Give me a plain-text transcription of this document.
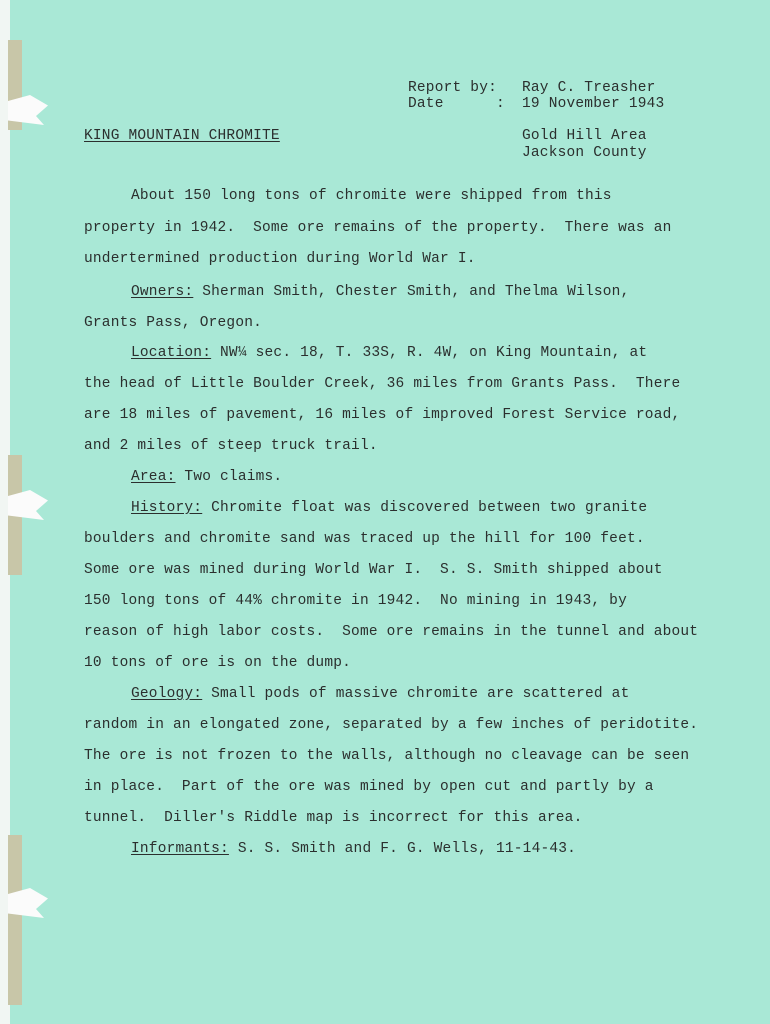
Report by: Ray C. Treasher
Date	: 19 November 1943
KING MOUNTAIN CHROMITE	Gold Hill Area
Jackson County
About 150 long tons of chromite were shipped from this
property in 1942.  Some ore remains of the property.  There was an
undertermined production during World War I.
Owners: Sherman Smith, Chester Smith, and Thelma Wilson,
Grants Pass, Oregon.
Location: NW¼ sec. 18, T. 33S, R. 4W, on King Mountain, at
the head of Little Boulder Creek, 36 miles from Grants Pass.  There
are 18 miles of pavement, 16 miles of improved Forest Service road,
and 2 miles of steep truck trail.
Area: Two claims.
History: Chromite float was discovered between two granite
boulders and chromite sand was traced up the hill for 100 feet.
Some ore was mined during World War I.  S. S. Smith shipped about
150 long tons of 44% chromite in 1942.  No mining in 1943, by
reason of high labor costs.  Some ore remains in the tunnel and about
10 tons of ore is on the dump.
Geology: Small pods of massive chromite are scattered at
random in an elongated zone, separated by a few inches of peridotite.
The ore is not frozen to the walls, although no cleavage can be seen
in place.  Part of the ore was mined by open cut and partly by a
tunnel.  Diller's Riddle map is incorrect for this area.
Informants: S. S. Smith and F. G. Wells, 11-14-43.
